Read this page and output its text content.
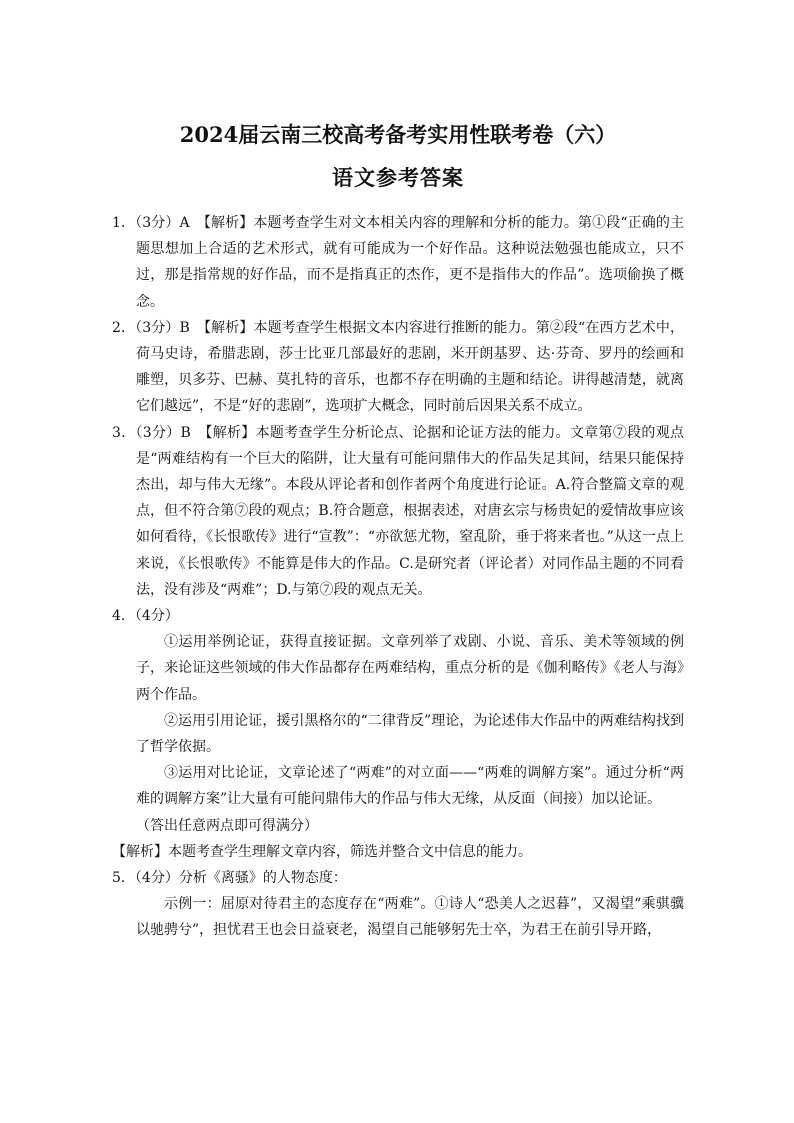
2024届云南三校高考备考实用性联考卷（六）
语文参考答案

1．（3分）A　【解析】本题考查学生对文本相关内容的理解和分析的能力。第①段“正确的主题思想加上合适的艺术形式，就有可能成为一个好作品。这种说法勉强也能成立，只不过，那是指常规的好作品，而不是指真正的杰作，更不是指伟大的作品”。选项偷换了概念。

2．（3分）B　【解析】本题考查学生根据文本内容进行推断的能力。第②段“在西方艺术中，荷马史诗，希腊悲剧，莎士比亚几部最好的悲剧，米开朗基罗、达·芬奇、罗丹的绘画和雕塑，贝多芬、巴赫、莫扎特的音乐，也都不存在明确的主题和结论。讲得越清楚，就离它们越远”，不是“好的悲剧”，选项扩大概念，同时前后因果关系不成立。

3．（3分）B　【解析】本题考查学生分析论点、论据和论证方法的能力。文章第⑦段的观点是“两难结构有一个巨大的陷阱，让大量有可能问鼎伟大的作品失足其间，结果只能保持杰出，却与伟大无缘”。本段从评论者和创作者两个角度进行论证。A.符合整篇文章的观点，但不符合第⑦段的观点；B.符合题意，根据表述，对唐玄宗与杨贵妃的爱情故事应该如何看待，《长恨歌传》进行“宣教”：“亦欲惩尤物，窒乱阶，垂于将来者也。”从这一点上来说，《长恨歌传》不能算是伟大的作品。C.是研究者（评论者）对同作品主题的不同看法，没有涉及“两难”；D.与第⑦段的观点无关。

4．（4分）

①运用举例论证，获得直接证据。文章列举了戏剧、小说、音乐、美术等领域的例子，来论证这些领域的伟大作品都存在两难结构，重点分析的是《伽利略传》《老人与海》两个作品。

②运用引用论证，援引黑格尔的“二律背反”理论，为论述伟大作品中的两难结构找到了哲学依据。

③运用对比论证，文章论述了“两难”的对立面——“两难的调解方案”。通过分析“两难的调解方案”让大量有可能问鼎伟大的作品与伟大无缘，从反面（间接）加以论证。

（答出任意两点即可得满分）

【解析】本题考查学生理解文章内容，筛选并整合文中信息的能力。

5．（4分）分析《离骚》的人物态度：

示例一：屈原对待君主的态度存在“两难”。①诗人“恐美人之迟暮”，又渴望“乘骐骥以驰骋兮”，担忧君王也会日益衰老，渴望自己能够躬先士卒，为君王在前引导开路，
